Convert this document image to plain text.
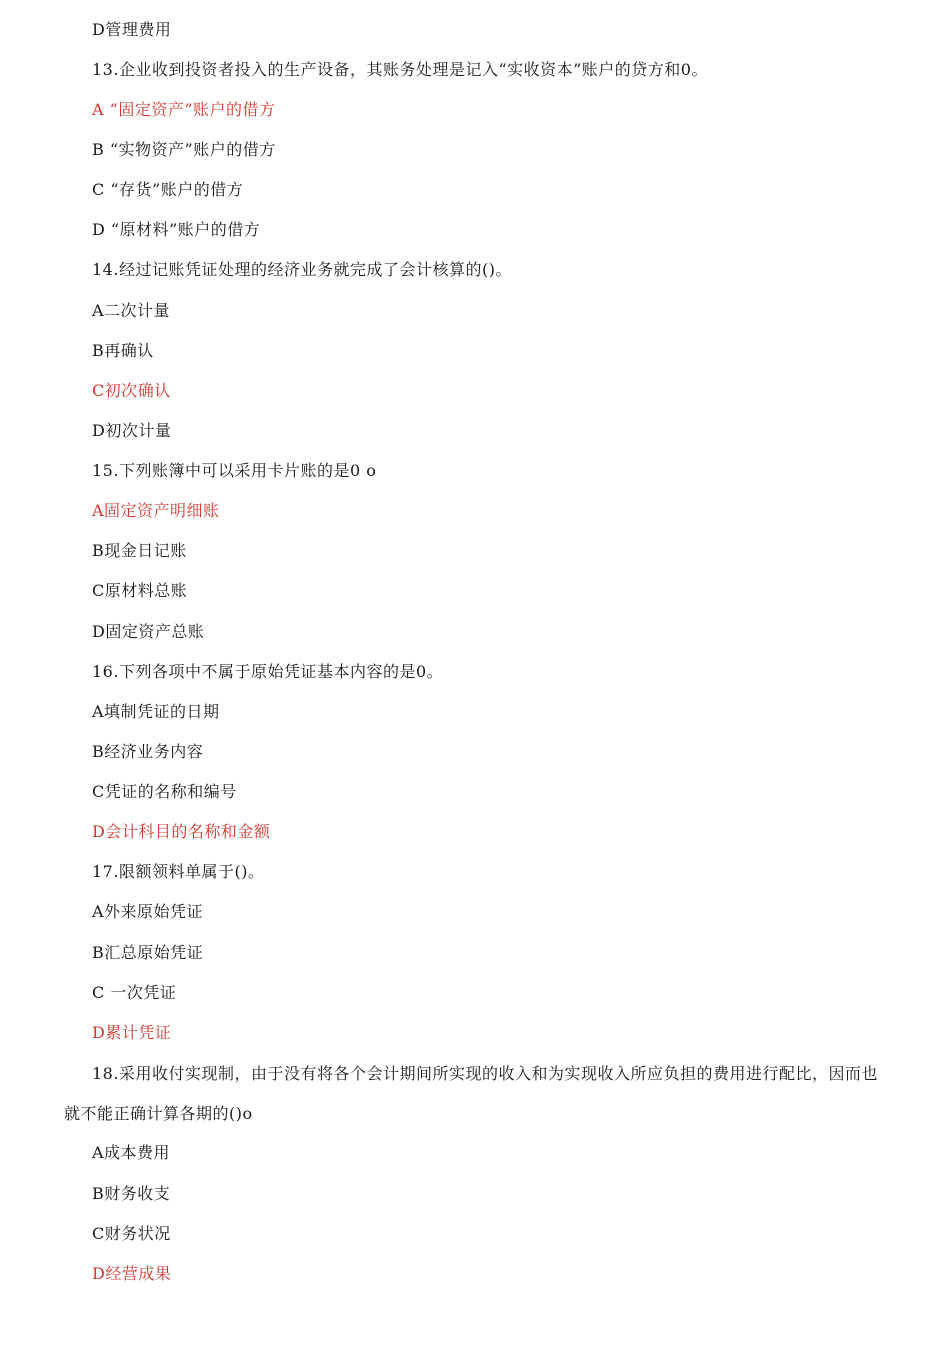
D管理费用
13.企业收到投资者投入的生产设备，其账务处理是记入“实收资本”账户的贷方和0。
A “固定资产”账户的借方
B “实物资产”账户的借方
C “存货”账户的借方
D “原材料”账户的借方
14.经过记账凭证处理的经济业务就完成了会计核算的()。
A二次计量
B再确认
C初次确认
D初次计量
15.下列账簿中可以采用卡片账的是0 o
A固定资产明细账
B现金日记账
C原材料总账
D固定资产总账
16.下列各项中不属于原始凭证基本内容的是0。
A填制凭证的日期
B经济业务内容
C凭证的名称和编号
D会计科目的名称和金额
17.限额领料单属于()。
A外来原始凭证
B汇总原始凭证
C 一次凭证
D累计凭证
18.采用收付实现制，由于没有将各个会计期间所实现的收入和为实现收入所应负担的费用进行配比，因而也就不能正确计算各期的()o
A成本费用
B财务收支
C财务状况
D经营成果
